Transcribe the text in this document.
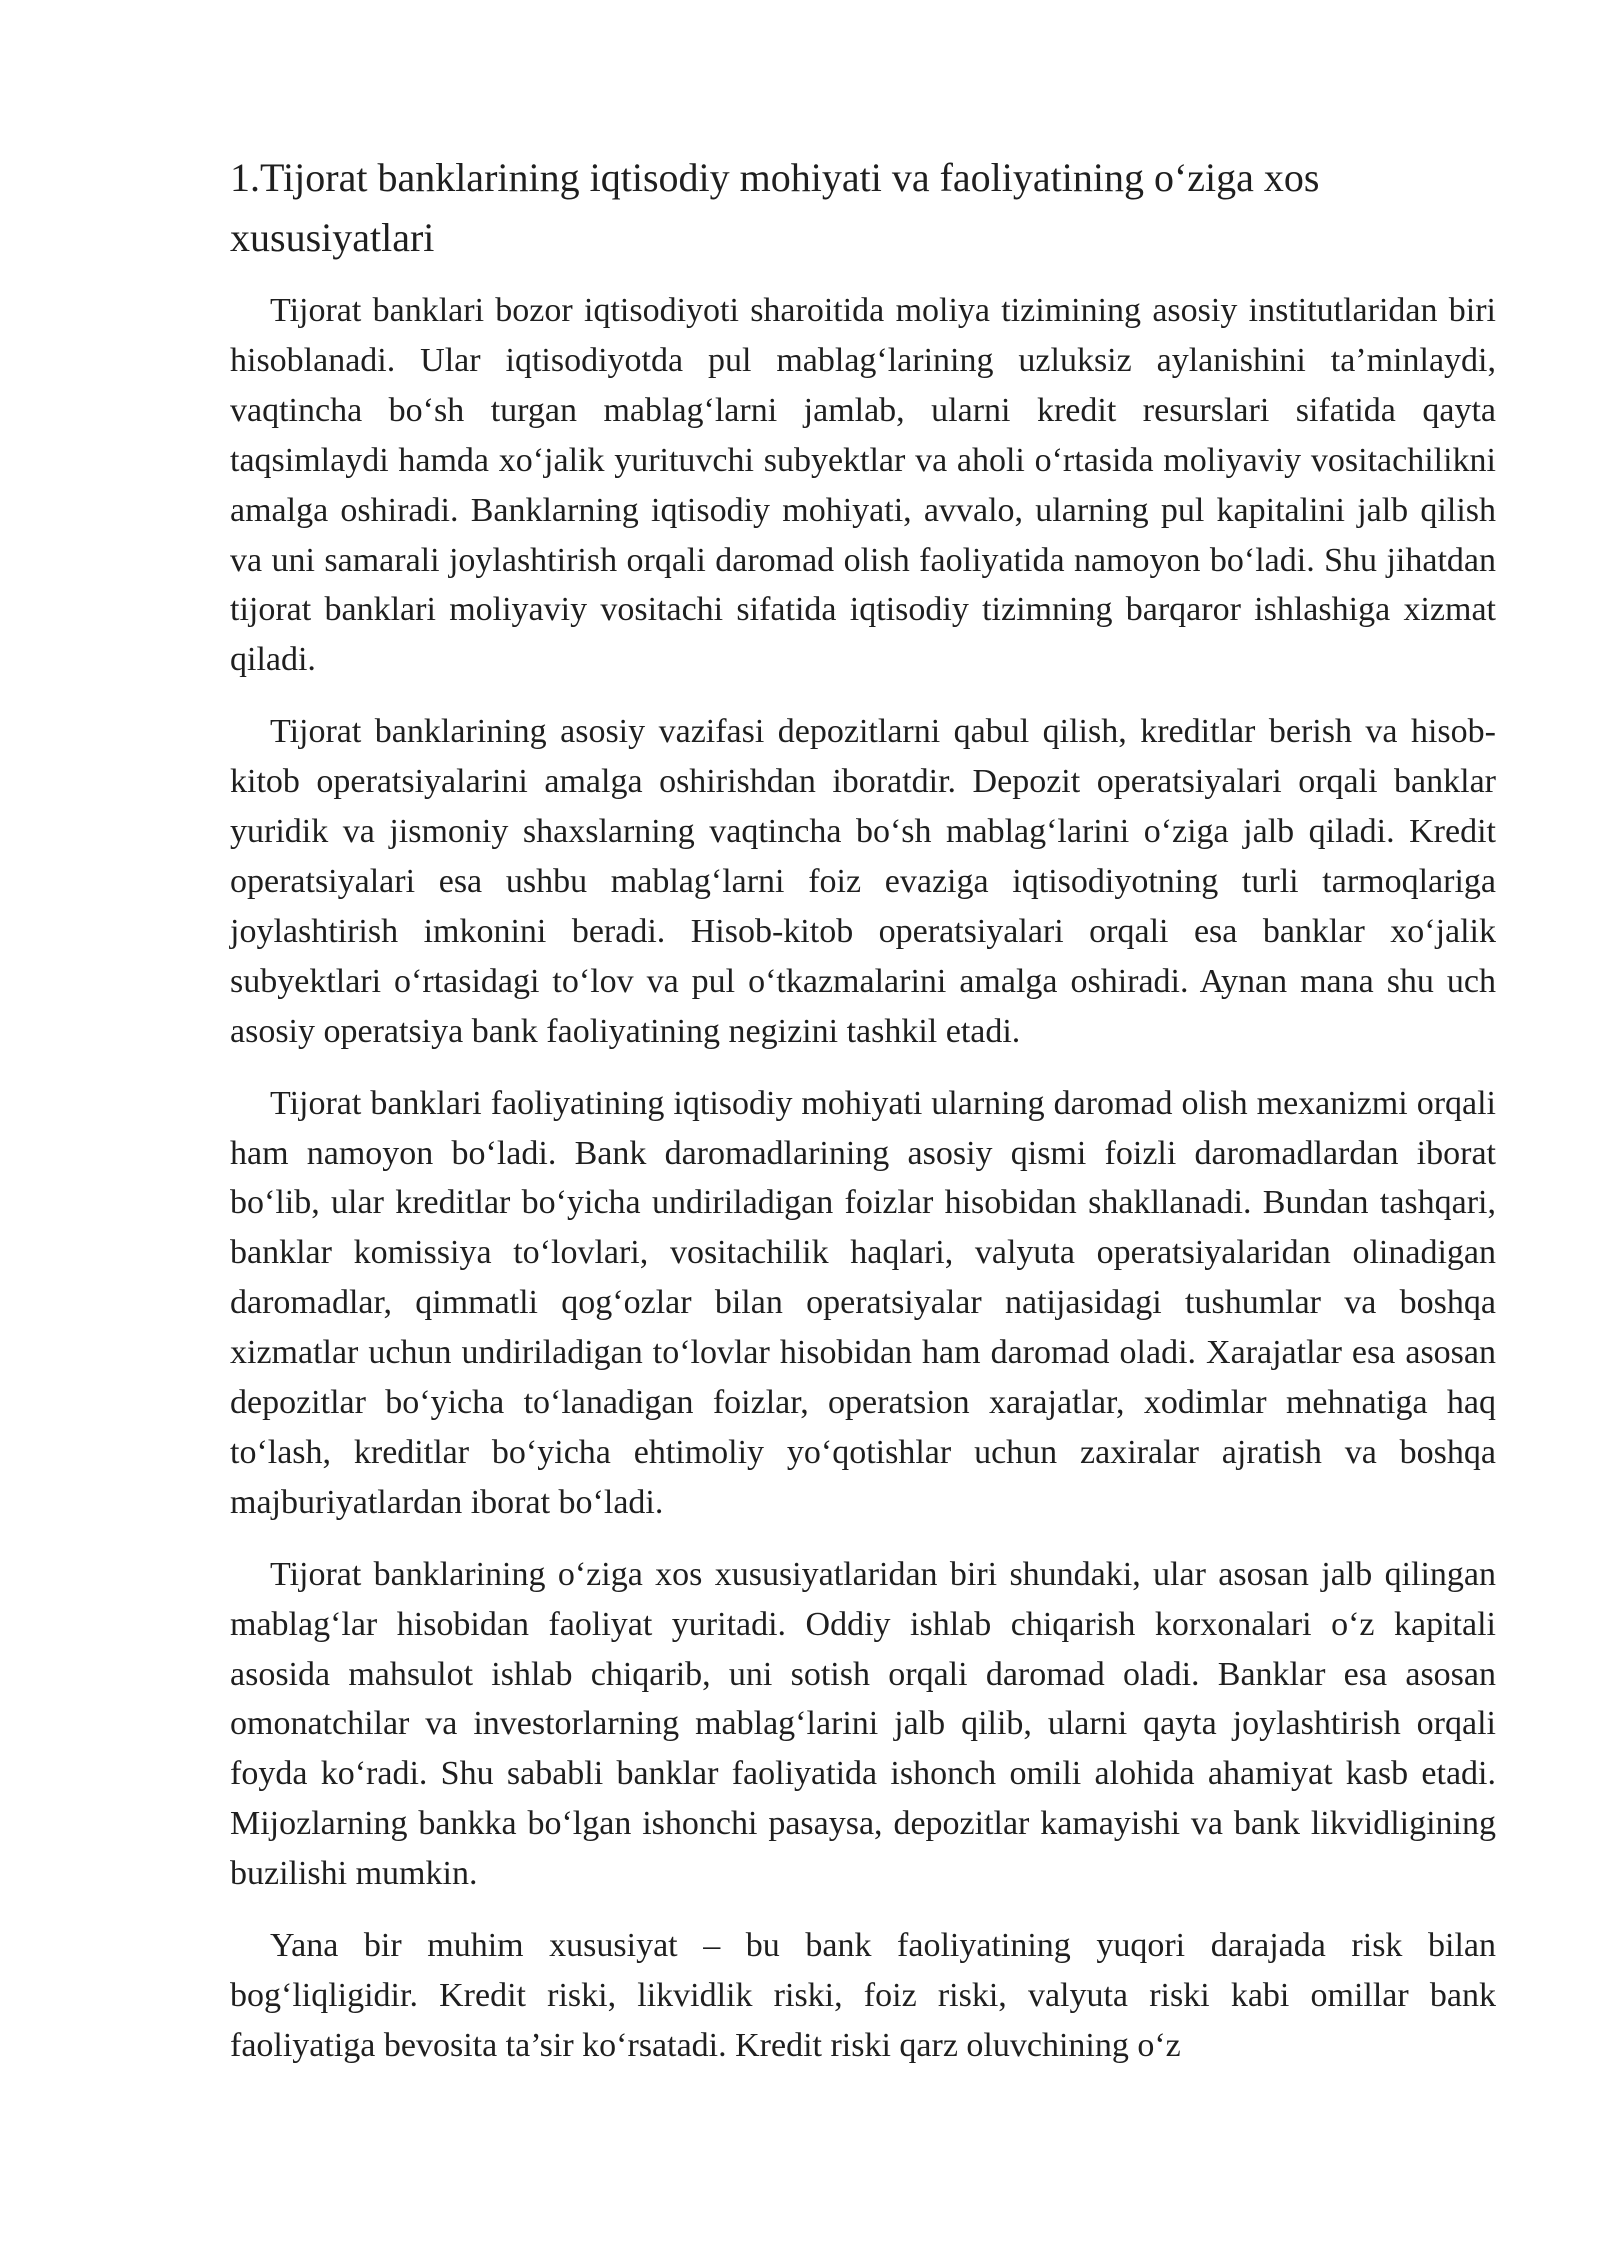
1.Tijorat banklarining iqtisodiy mohiyati va faoliyatining o‘ziga xos xususiyatlari

Tijorat banklari bozor iqtisodiyoti sharoitida moliya tizimining asosiy institutlaridan biri hisoblanadi. Ular iqtisodiyotda pul mablag‘larining uzluksiz aylanishini ta’minlaydi, vaqtincha bo‘sh turgan mablag‘larni jamlab, ularni kredit resurslari sifatida qayta taqsimlaydi hamda xo‘jalik yurituvchi subyektlar va aholi o‘rtasida moliyaviy vositachilikni amalga oshiradi. Banklarning iqtisodiy mohiyati, avvalo, ularning pul kapitalini jalb qilish va uni samarali joylashtirish orqali daromad olish faoliyatida namoyon bo‘ladi. Shu jihatdan tijorat banklari moliyaviy vositachi sifatida iqtisodiy tizimning barqaror ishlashiga xizmat qiladi.

Tijorat banklarining asosiy vazifasi depozitlarni qabul qilish, kreditlar berish va hisob-kitob operatsiyalarini amalga oshirishdan iboratdir. Depozit operatsiyalari orqali banklar yuridik va jismoniy shaxslarning vaqtincha bo‘sh mablag‘larini o‘ziga jalb qiladi. Kredit operatsiyalari esa ushbu mablag‘larni foiz evaziga iqtisodiyotning turli tarmoqlariga joylashtirish imkonini beradi. Hisob-kitob operatsiyalari orqali esa banklar xo‘jalik subyektlari o‘rtasidagi to‘lov va pul o‘tkazmalarini amalga oshiradi. Aynan mana shu uch asosiy operatsiya bank faoliyatining negizini tashkil etadi.

Tijorat banklari faoliyatining iqtisodiy mohiyati ularning daromad olish mexanizmi orqali ham namoyon bo‘ladi. Bank daromadlarining asosiy qismi foizli daromadlardan iborat bo‘lib, ular kreditlar bo‘yicha undiriladigan foizlar hisobidan shakllanadi. Bundan tashqari, banklar komissiya to‘lovlari, vositachilik haqlari, valyuta operatsiyalaridan olinadigan daromadlar, qimmatli qog‘ozlar bilan operatsiyalar natijasidagi tushumlar va boshqa xizmatlar uchun undiriladigan to‘lovlar hisobidan ham daromad oladi. Xarajatlar esa asosan depozitlar bo‘yicha to‘lanadigan foizlar, operatsion xarajatlar, xodimlar mehnatiga haq to‘lash, kreditlar bo‘yicha ehtimoliy yo‘qotishlar uchun zaxiralar ajratish va boshqa majburiyatlardan iborat bo‘ladi.

Tijorat banklarining o‘ziga xos xususiyatlaridan biri shundaki, ular asosan jalb qilingan mablag‘lar hisobidan faoliyat yuritadi. Oddiy ishlab chiqarish korxonalari o‘z kapitali asosida mahsulot ishlab chiqarib, uni sotish orqali daromad oladi. Banklar esa asosan omonatchilar va investorlarning mablag‘larini jalb qilib, ularni qayta joylashtirish orqali foyda ko‘radi. Shu sababli banklar faoliyatida ishonch omili alohida ahamiyat kasb etadi. Mijozlarning bankka bo‘lgan ishonchi pasaysa, depozitlar kamayishi va bank likvidligining buzilishi mumkin.

Yana bir muhim xususiyat – bu bank faoliyatining yuqori darajada risk bilan bog‘liqligidir. Kredit riski, likvidlik riski, foiz riski, valyuta riski kabi omillar bank faoliyatiga bevosita ta’sir ko‘rsatadi. Kredit riski qarz oluvchining o‘z
